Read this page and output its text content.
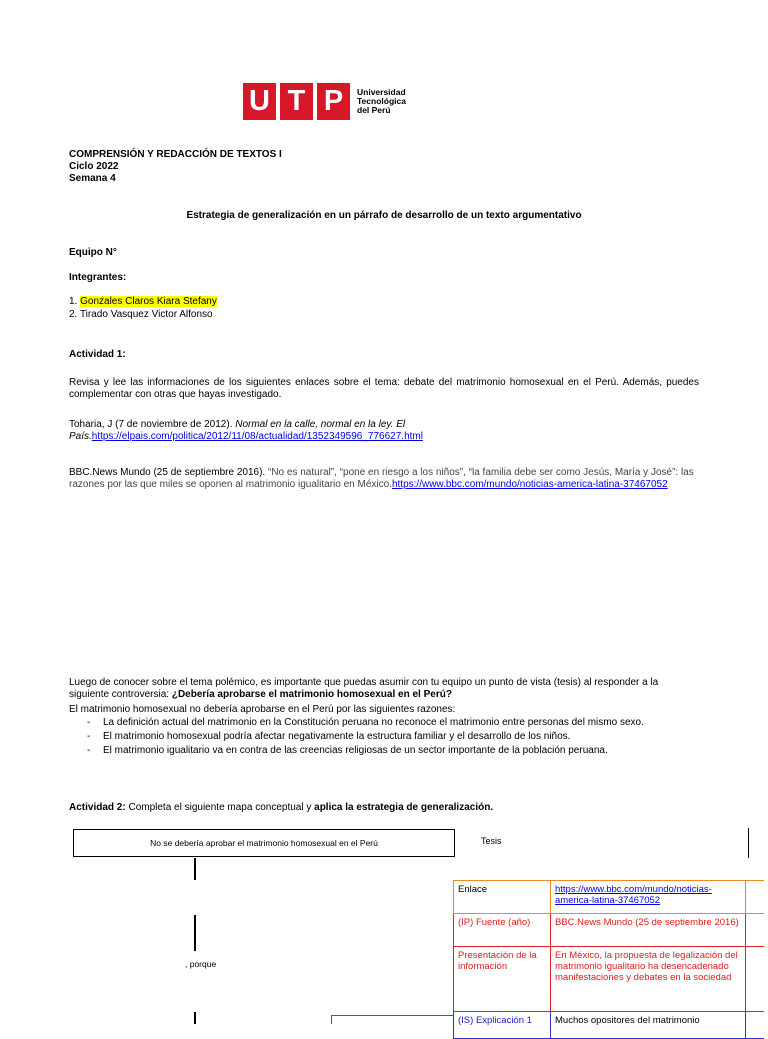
U T P	Universidad
Tecnológica
del Perú
COMPRENSIÓN Y REDACCIÓN DE TEXTOS I
Ciclo 2022
Semana 4
Estrategia de generalización en un párrafo de desarrollo de un texto argumentativo
Equipo N°
Integrantes:
1. Gonzales Claros Kiara Stefany
2. Tirado Vasquez Victor Alfonso
Actividad 1:
Revisa y lee las informaciones de los siguientes enlaces sobre el tema: debate del matrimonio homosexual en el Perú. Además, puedes complementar con otras que hayas investigado.
Toharia, J (7 de noviembre de 2012). Normal en la calle, normal en la ley. El País.https://elpais.com/politica/2012/11/08/actualidad/1352349596_776627.html
BBC.News Mundo (25 de septiembre 2016). “No es natural”, “pone en riesgo a los niños”, “la familia debe ser como Jesús, María y José”: las razones por las que miles se oponen al matrimonio igualitario en México.https://www.bbc.com/mundo/noticias-america-latina-37467052
Luego de conocer sobre el tema polémico, es importante que puedas asumir con tu equipo un punto de vista (tesis) al responder a la siguiente controversia: ¿Debería aprobarse el matrimonio homosexual en el Perú?
El matrimonio homosexual no debería aprobarse en el Perú por las siguientes razones:
- La definición actual del matrimonio en la Constitución peruana no reconoce el matrimonio entre personas del mismo sexo.
- El matrimonio homosexual podría afectar negativamente la estructura familiar y el desarrollo de los niños.
- El matrimonio igualitario va en contra de las creencias religiosas de un sector importante de la población peruana.
Actividad 2: Completa el siguiente mapa conceptual y aplica la estrategia de generalización.
No se debería aprobar el matrimonio homosexual en el Perú	Tesis
, porque
Enlace	https://www.bbc.com/mundo/noticias-america-latina-37467052	
(IP) Fuente (año)	BBC.News Mundo (25 de septiembre 2016)	
Presentación de la información	En México, la propuesta de legalización del matrimonio igualitario ha desencadenado manifestaciones y debates en la sociedad	
(IS) Explicación 1	Muchos opositores del matrimonio	
